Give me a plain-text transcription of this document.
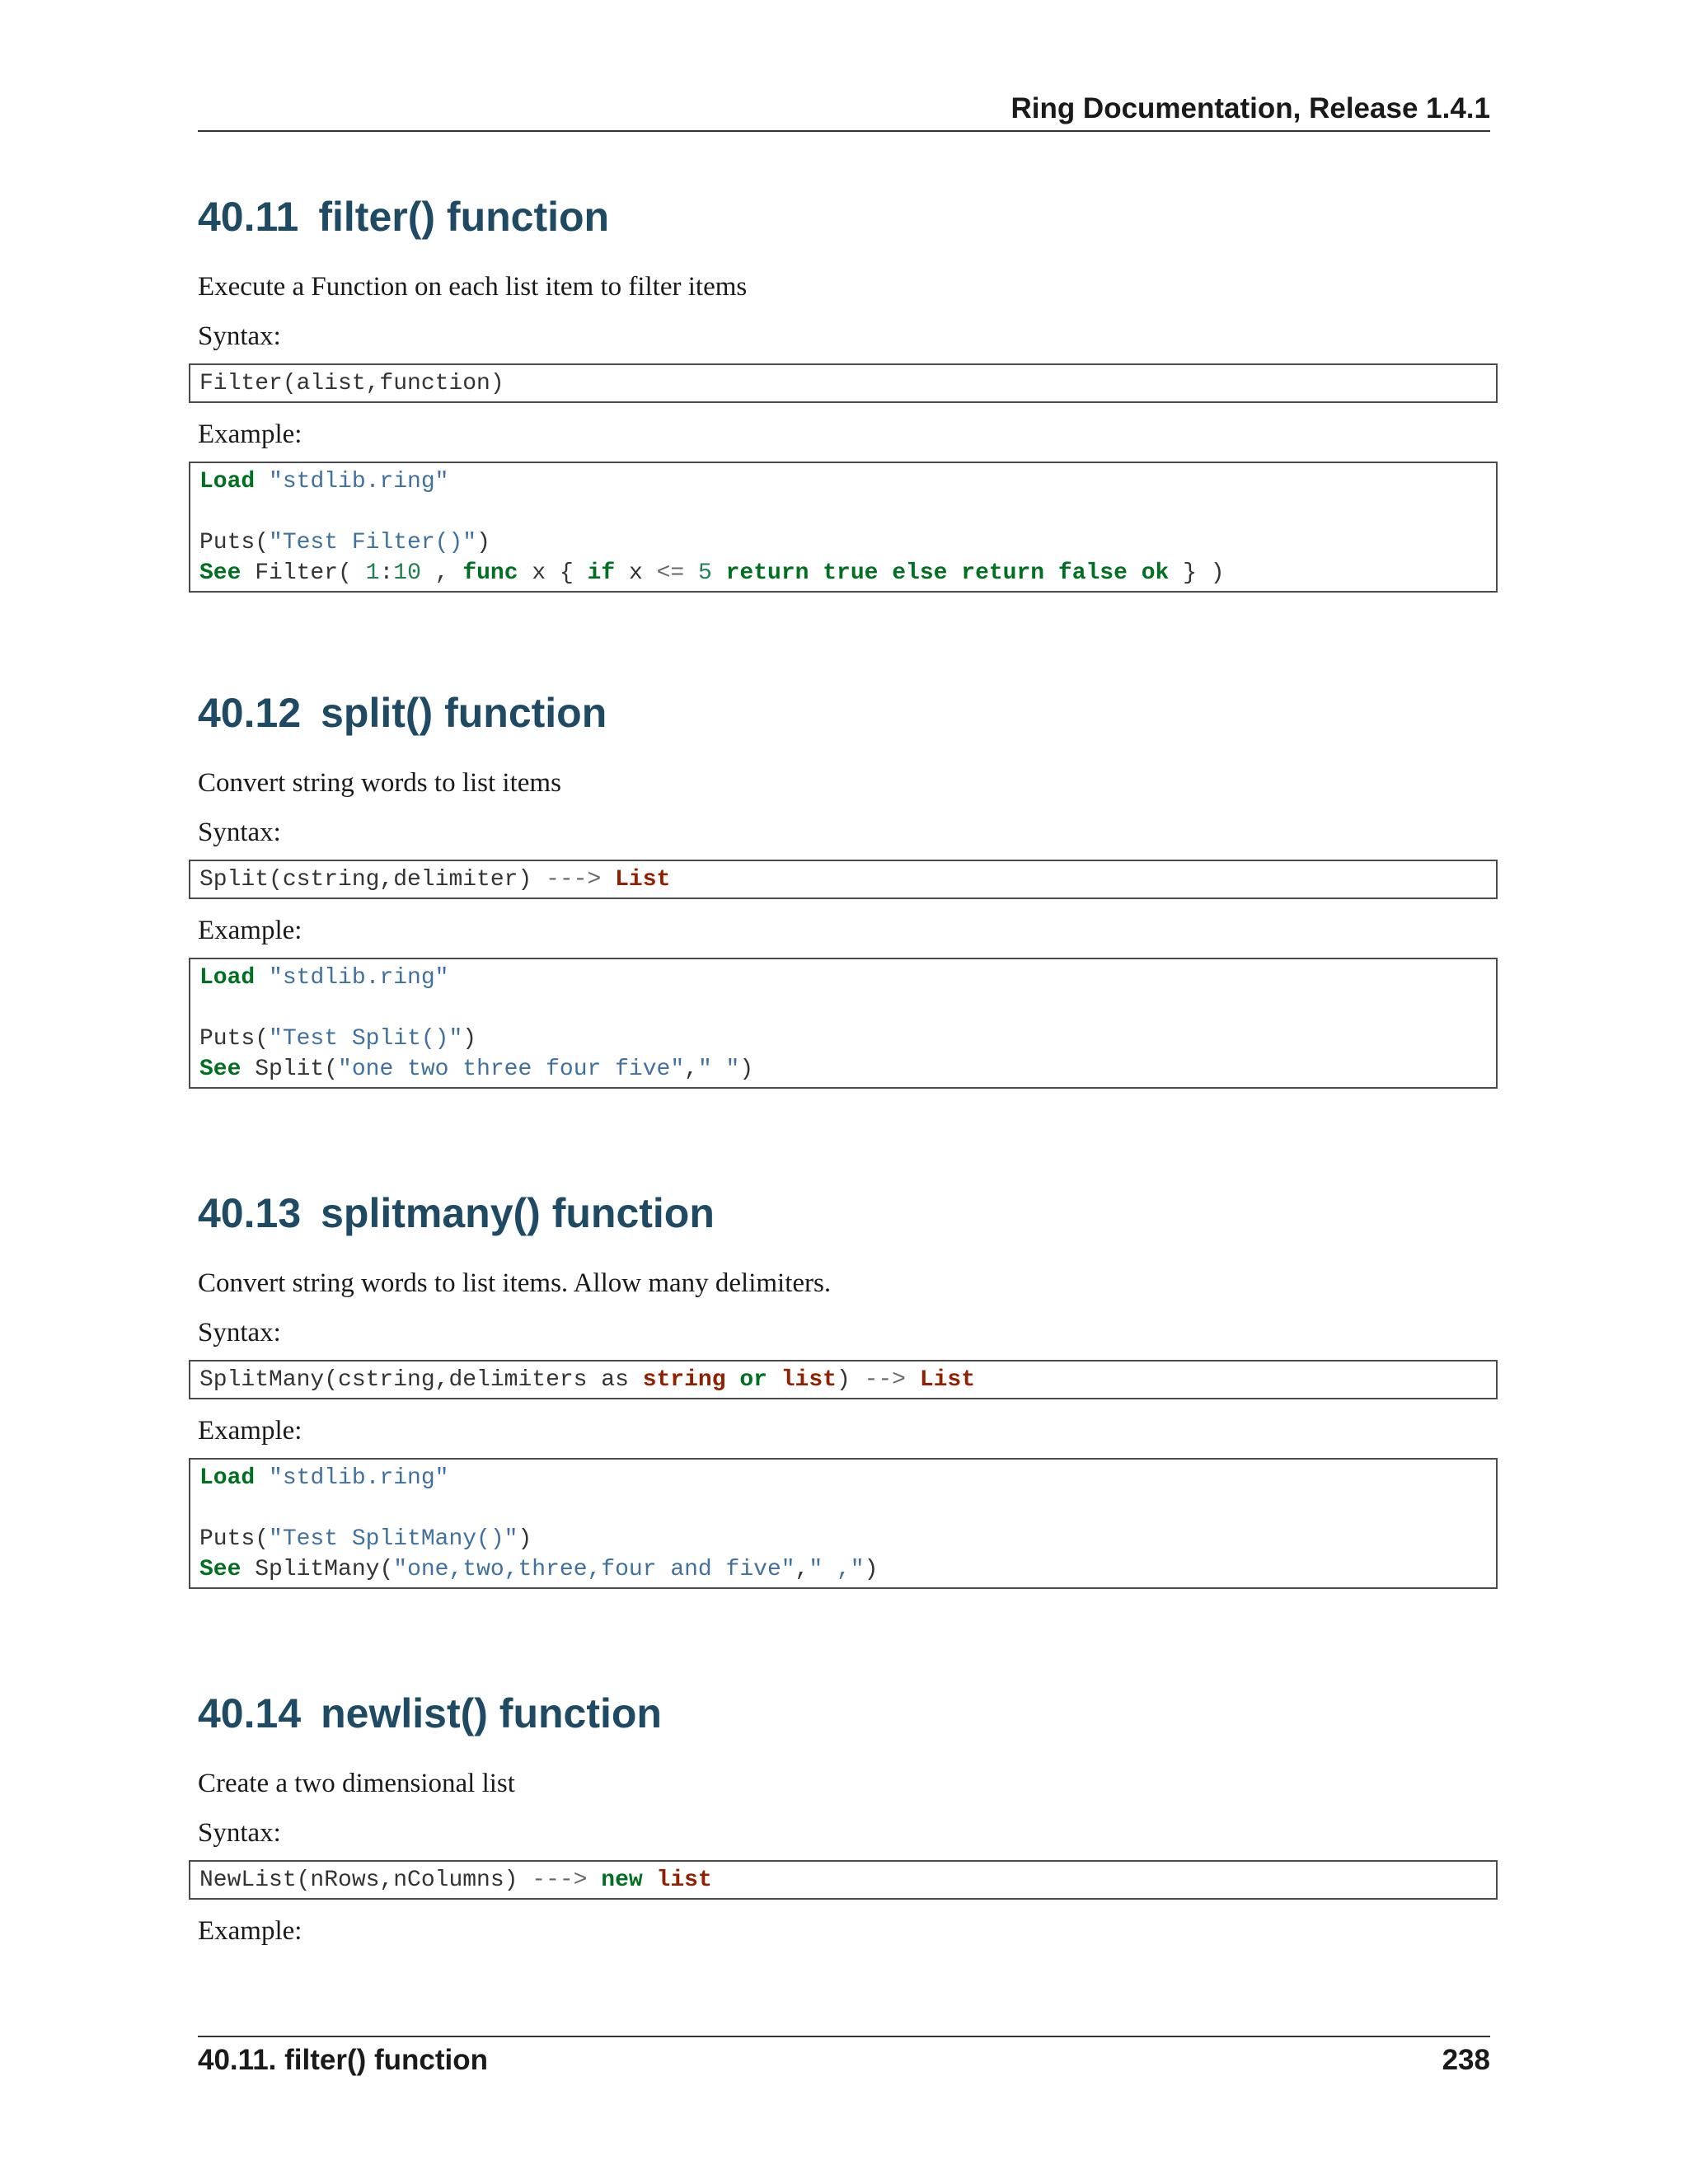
Ring Documentation, Release 1.4.1
40.11 filter() function

Execute a Function on each list item to filter items

Syntax:

Filter(alist,function)

Example:

Load "stdlib.ring"
Puts("Test Filter()")
See Filter( 1:10 , func x { if x <= 5 return true else return false ok } )
40.12 split() function

Convert string words to list items

Syntax:

Split(cstring,delimiter) ---> List

Example:

Load "stdlib.ring"
Puts("Test Split()")
See Split("one two three four five"," ")
40.13 splitmany() function

Convert string words to list items. Allow many delimiters.

Syntax:

SplitMany(cstring,delimiters as string or list) --> List

Example:

Load "stdlib.ring"
Puts("Test SplitMany()")
See SplitMany("one,two,three,four and five"," ,")
40.14 newlist() function

Create a two dimensional list

Syntax:

NewList(nRows,nColumns) ---> new list

Example:

40.11. filter() function	238
